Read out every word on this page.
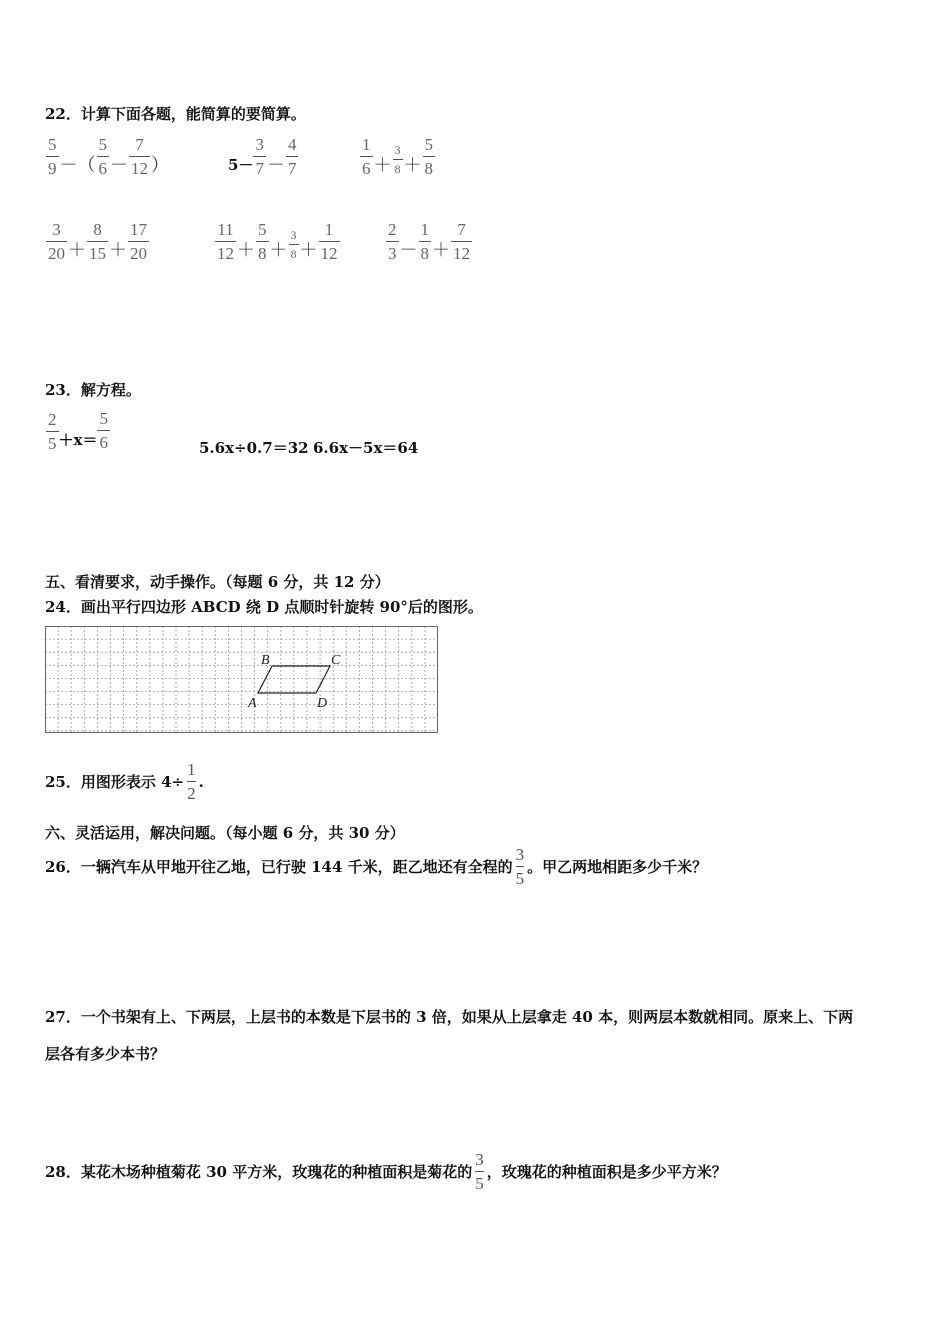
22．计算下面各题，能简算的要简算。
$\frac{5}{9}$ －（ $\frac{5}{6} - \frac{7}{12}$ ）	$5- \frac{3}{7} - \frac{4}{7}$	$\frac{1}{6} + \frac{3}{8} + \frac{5}{8}$
$\frac{3}{20} + \frac{8}{15} + \frac{17}{20}$	$\frac{11}{12} + \frac{5}{8} + \frac{3}{8} + \frac{1}{12}$	$\frac{2}{3} - \frac{1}{8} + \frac{7}{12}$
23．解方程。
$\frac{2}{5} +x= \frac{5}{6}$	5.6x÷0.7＝32 6.6x－5x＝64
五、看清要求，动手操作。（每题 6 分，共 12 分）
24．画出平行四边形 ABCD 绕 D 点顺时针旋转 90°后的图形。
A
B	C
D
25．用图形表示 $4\div \frac{1}{2}$ .
六、灵活运用，解决问题。（每小题 6 分，共 30 分）
26．一辆汽车从甲地开往乙地，已行驶 144 千米，距乙地还有全程的 $\frac{3}{5}$ 。甲乙两地相距多少千米？
27．一个书架有上、下两层，上层书的本数是下层书的 3 倍，如果从上层拿走 40 本，则两层本数就相同。原来上、下两
层各有多少本书？
28．某花木场种植菊花 30 平方米，玫瑰花的种植面积是菊花的 $\frac{3}{5}$ ，玫瑰花的种植面积是多少平方米？
